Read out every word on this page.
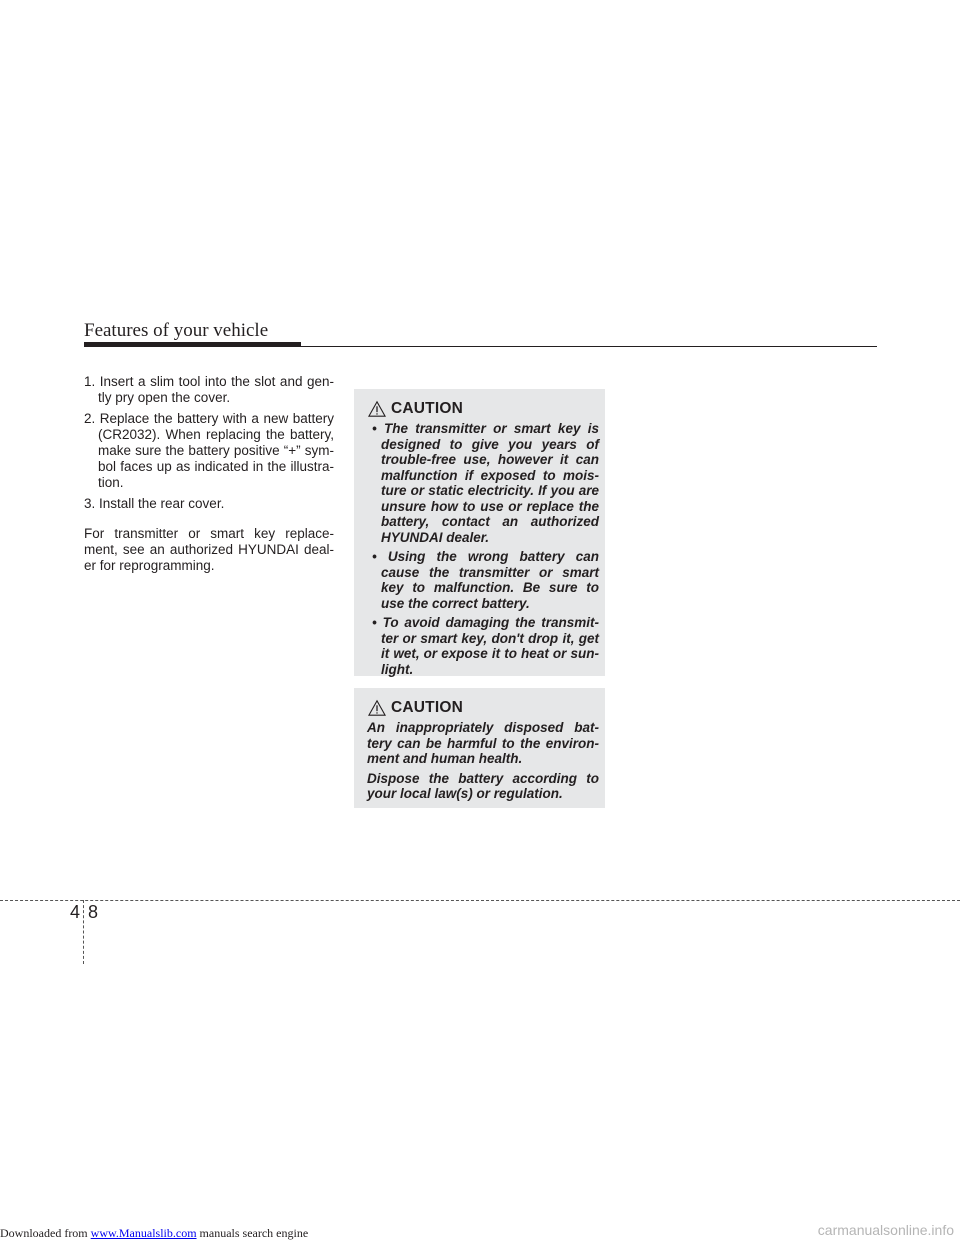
Features of your vehicle

1. Insert a slim tool into the slot and gen-tly pry open the cover.

2. Replace the battery with a new battery (CR2032). When replacing the battery, make sure the battery positive “+” sym-bol faces up as indicated in the illustra-tion.

3. Install the rear cover.

For transmitter or smart key replace-ment, see an authorized HYUNDAI deal-er for reprogramming.

CAUTION

• The transmitter or smart key is designed to give you years of trouble-free use, however it can malfunction if exposed to mois-ture or static electricity. If you are unsure how to use or replace the battery, contact an authorized HYUNDAI dealer.

• Using the wrong battery can cause the transmitter or smart key to malfunction. Be sure to use the correct battery.

• To avoid damaging the transmit-ter or smart key, don't drop it, get it wet, or expose it to heat or sun-light.

CAUTION

An inappropriately disposed bat-tery can be harmful to the environ-ment and human health.

Dispose the battery according to your local law(s) or regulation.

4 8
Downloaded from www.Manualslib.com manuals search engine	carmanualsonline.info
